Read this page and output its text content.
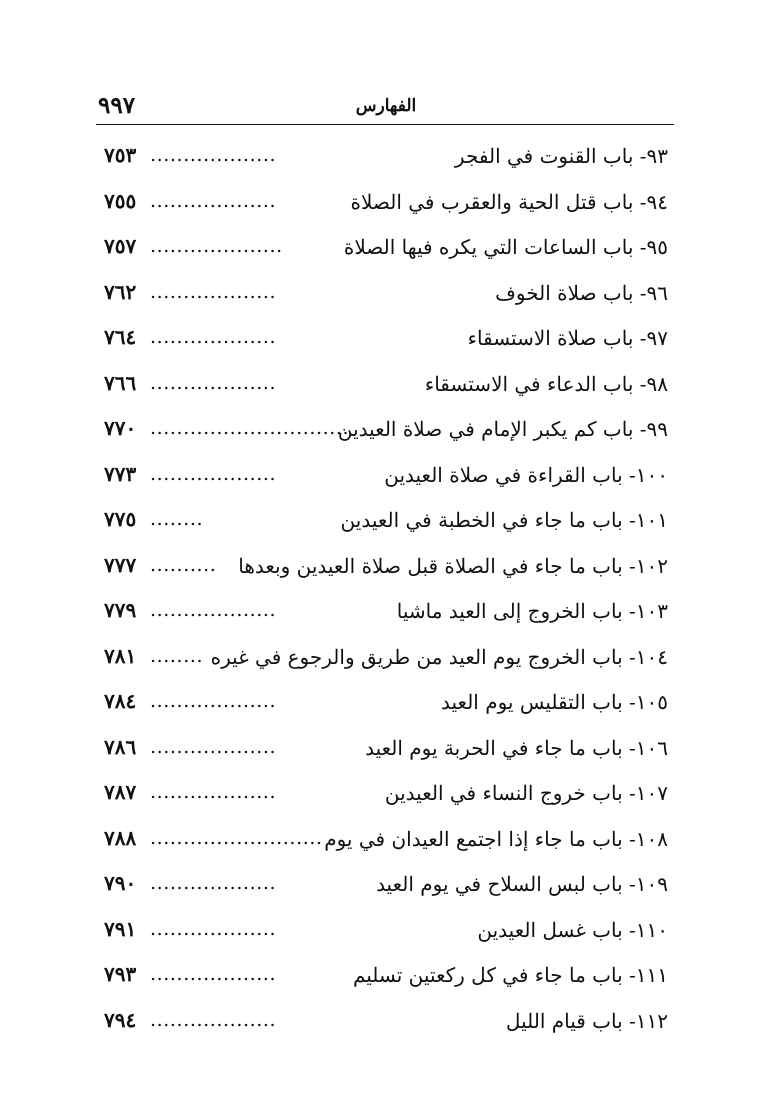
٩٩٧	الفهارس
٩٣- باب القنوت في الفجر
...................
٧٥٣
٩٤- باب قتل الحية والعقرب في الصلاة
...................
٧٥٥
٩٥- باب الساعات التي يكره فيها الصلاة
....................
٧٥٧
٩٦- باب صلاة الخوف
...................
٧٦٢
٩٧- باب صلاة الاستسقاء
...................
٧٦٤
٩٨- باب الدعاء في الاستسقاء
...................
٧٦٦
٩٩- باب كم يكبر الإمام في صلاة العيدين
..............................
٧٧٠
١٠٠- باب القراءة في صلاة العيدين
...................
٧٧٣
١٠١- باب ما جاء في الخطبة في العيدين
........
٧٧٥
١٠٢- باب ما جاء في الصلاة قبل صلاة العيدين وبعدها
..........
٧٧٧
١٠٣- باب الخروج إلى العيد ماشيا
...................
٧٧٩
١٠٤- باب الخروج يوم العيد من طريق والرجوع في غيره
........
٧٨١
١٠٥- باب التقليس يوم العيد
...................
٧٨٤
١٠٦- باب ما جاء في الحربة يوم العيد
...................
٧٨٦
١٠٧- باب خروج النساء في العيدين
...................
٧٨٧
١٠٨- باب ما جاء إذا اجتمع العيدان في يوم
..........................
٧٨٨
١٠٩- باب لبس السلاح في يوم العيد
...................
٧٩٠
١١٠- باب غسل العيدين
...................
٧٩١
١١١- باب ما جاء في كل ركعتين تسليم
...................
٧٩٣
١١٢- باب قيام الليل
...................
٧٩٤
